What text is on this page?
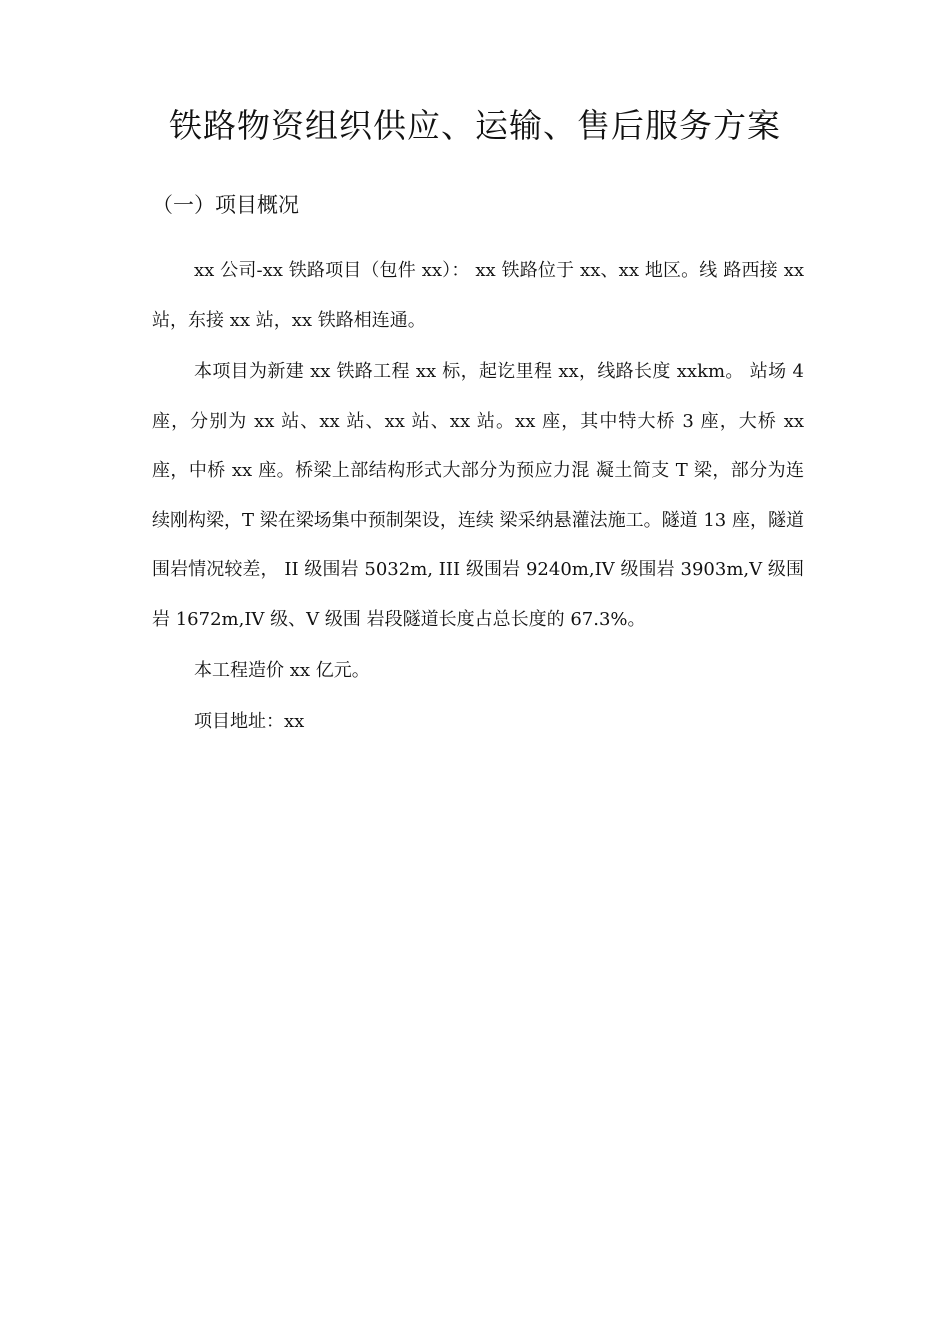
铁路物资组织供应、运输、售后服务方案
（一）项目概况

xx 公司-xx 铁路项目（包件 xx）： xx 铁路位于 xx、xx 地区。线 路西接 xx 站，东接 xx 站，xx 铁路相连通。

本项目为新建 xx 铁路工程 xx 标，起讫里程 xx，线路长度 xxkm。 站场 4 座，分别为 xx 站、xx 站、xx 站、xx 站。xx 座，其中特大桥 3 座，大桥 xx 座，中桥 xx 座。桥梁上部结构形式大部分为预应力混 凝土简支 T 梁，部分为连续刚构梁，T 梁在梁场集中预制架设，连续 梁采纳悬灌法施工。隧道 13 座，隧道围岩情况较差， II 级围岩 5032m, III 级围岩 9240m,IV 级围岩 3903m,V 级围岩 1672m,IV 级、V 级围 岩段隧道长度占总长度的 67.3%。

本工程造价 xx 亿元。

项目地址：xx
